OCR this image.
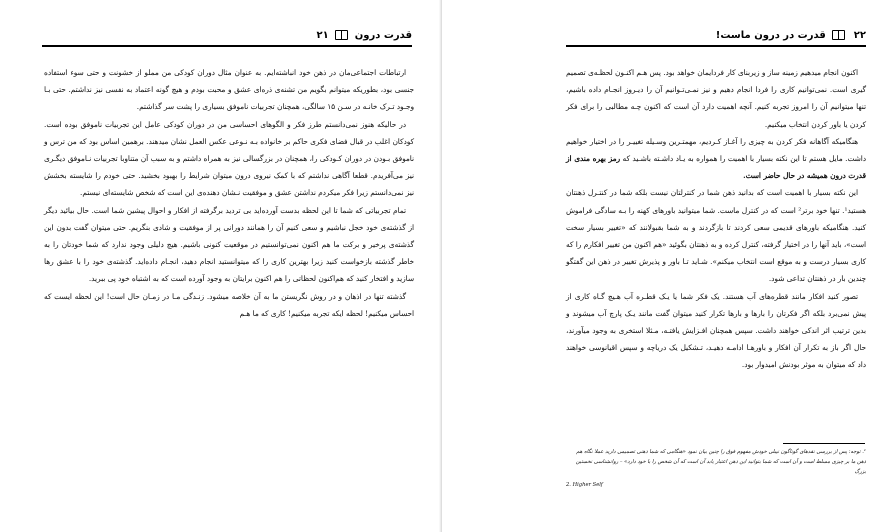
قدرت درون  ۲۱

ارتباطات اجتماعی‌مان در ذهن خود انباشته‌ایم. به عنوان مثال دوران کودکی من مملو از خشونت و حتی سوء استفاده جنسی بود، بطوریکه میتوانم بگویم من تشنه‌ی ذره‌ای عشق و محبت بودم و هیچ گونه اعتماد به نفسی نیز نداشتم. حتی بـا وجـود تـرک خانـه در سـن ۱۵ سالگی، همچنان تجربیات ناموفق بسیاری را پشت سر گذاشتم.

در حالیکه هنوز نمی‌دانستم طرز فکر و الگوهای احساسی من در دوران کودکی عامل این تجربیات ناموفق بوده است. کودکان اغلب در قبال فضای فکری حاکم بر خانواده بـه نـوعی عکس العمل نشان میدهند. برهمین اساس بود که من ترس و ناموفق بـودن در دوران کـودکی را، همچنان در بزرگسالی نیز به همراه داشتم و به سبب آن متناوبا تجربیات نـاموفق دیگـری نیز می‌آفریدم. قطعا آگاهی نداشتم که با کمک نیروی درون میتوان شرایط را بهبود بخشید. حتی خودم را شایسته بخشش نیز نمی‌دانستم زیرا فکر میکردم نداشتن عشق و موفقیت نـشان دهنده‌ی این است که شخص شایسته‌ای نیستم.

تمام تجربیاتی که شما تا این لحظه بدست آورده‌اید بی تردید برگرفته از افکار و احوال پیشین شما است. حال بیائید دیگر از گذشته‌ی خود خجل نباشیم و سعی کنیم آن را همانند دورانی پر از موفقیت و شادی بنگریم. حتی میتوان گفت بدون این گذشته‌ی پرخیر و برکت ما هم اکنون نمی‌توانستیم در موقعیت کنونی باشیم. هیچ دلیلی وجود ندارد که شما خودتان را به خاطر گذشته بازخواست کنید زیرا بهترین کاری را که میتوانستید انجام دهید، انجـام داده‌اید. گذشته‌ی خود را با عشق رها سازید و افتخار کنید که هم‌اکنون لحظاتی را هم اکنون برایتان به وجود آورده است که به اشتباه خود پی ببرید.

گذشته تنها در اذهان و در روش نگریستن ما به آن خلاصه میشود. زنـدگی مـا در زمـان حال است! این لحظه ایست که احساس میکنیم! لحظه ایکه تجربه میکنیم! کاری که ما هـم

۲۲  قدرت در درون ماست!

اکنون انجام میدهیم زمینه ساز و زیربنای کار فردایمان خواهد بود. پس هـم اکنـون لحظـه‌ی تصمیم گیری است. نمی‌توانیم کاری را فردا انجام دهیم و نیز نمـی‌تـوانیم آن را دیـروز انجـام داده باشیم، تنها میتوانیم آن را امروز تجربه کنیم. آنچه اهمیت دارد آن است که اکنون چـه مطالبی را برای فکر کردن یا باور کردن انتخاب میکنیم.

هنگامیکه آگاهانه فکر کردن به چیزی را آغـاز کـردیم، مهمتـرین وسـیله تغییـر را در اختیار خواهیم داشت. مایل هستم تا این نکته بسیار با اهمیت را همواره به یـاد داشـته باشـید که رمز بهره مندی از قدرت درون همیشه در حال حاضر است.

این نکته بسیار با اهمیت است که بدانید ذهن شما در کنترلتان نیست بلکه شما در کنتـرل ذهنتان هستید¹. تنها خود برتر² است که در کنترل ماست. شما میتوانید باورهای کهنه را بـه سادگی فراموش کنید. هنگامیکه باورهای قدیمی سعی کردند تا بازگردند و به شما بقبولانند که «تغییر بسیار سخت است»، باید آنها را در اختیار گرفته، کنترل کرده و به ذهنتان بگوئید «هم اکنون من تغییر افکارم را که کاری بسیار درست و به موقع است انتخاب میکنم». شـاید تـا باور و پذیرش تغییر در ذهن این گفتگو چندین بار در ذهنتان تداعی شود.

تصور کنید افکار مانند قطره‌های آب هستند. یک فکر شما یا یـک قطـره آب هـیچ گـاه کاری از پیش نمی‌برد بلکه اگر فکرتان را بارها و بارها تکرار کنید میتوان گفت مانند یـک پارچ آب میشوند و بدین ترتیب اثر اندکی خواهند داشت. سپس همچنان افـزایش یافتـه، مـثلا استخری به وجود میآورند، حال اگر باز به تکرار آن افکار و باورهـا ادامـه دهیـد، تـشکیل یک دریاچه و سپس اقیانوسی خواهند داد که میتوان به موثر بودنش امیدوار بود.

¹. توجه: پس از بررسی نقدهای گوناگون نیبلی خودش مفهوم فوق را چنین بیان نمود «هنگامی که شما ذهنی تصمیمی دارید عملا نگاه هم ذهن ما بر چیزی مسلط است و آن است که شما بتوانید این ذهن اعتبار یابد آن است ‌‌که آن شخص را با خود دارد» – روانشناسی نخستین بزرگ
2. Higher Self
